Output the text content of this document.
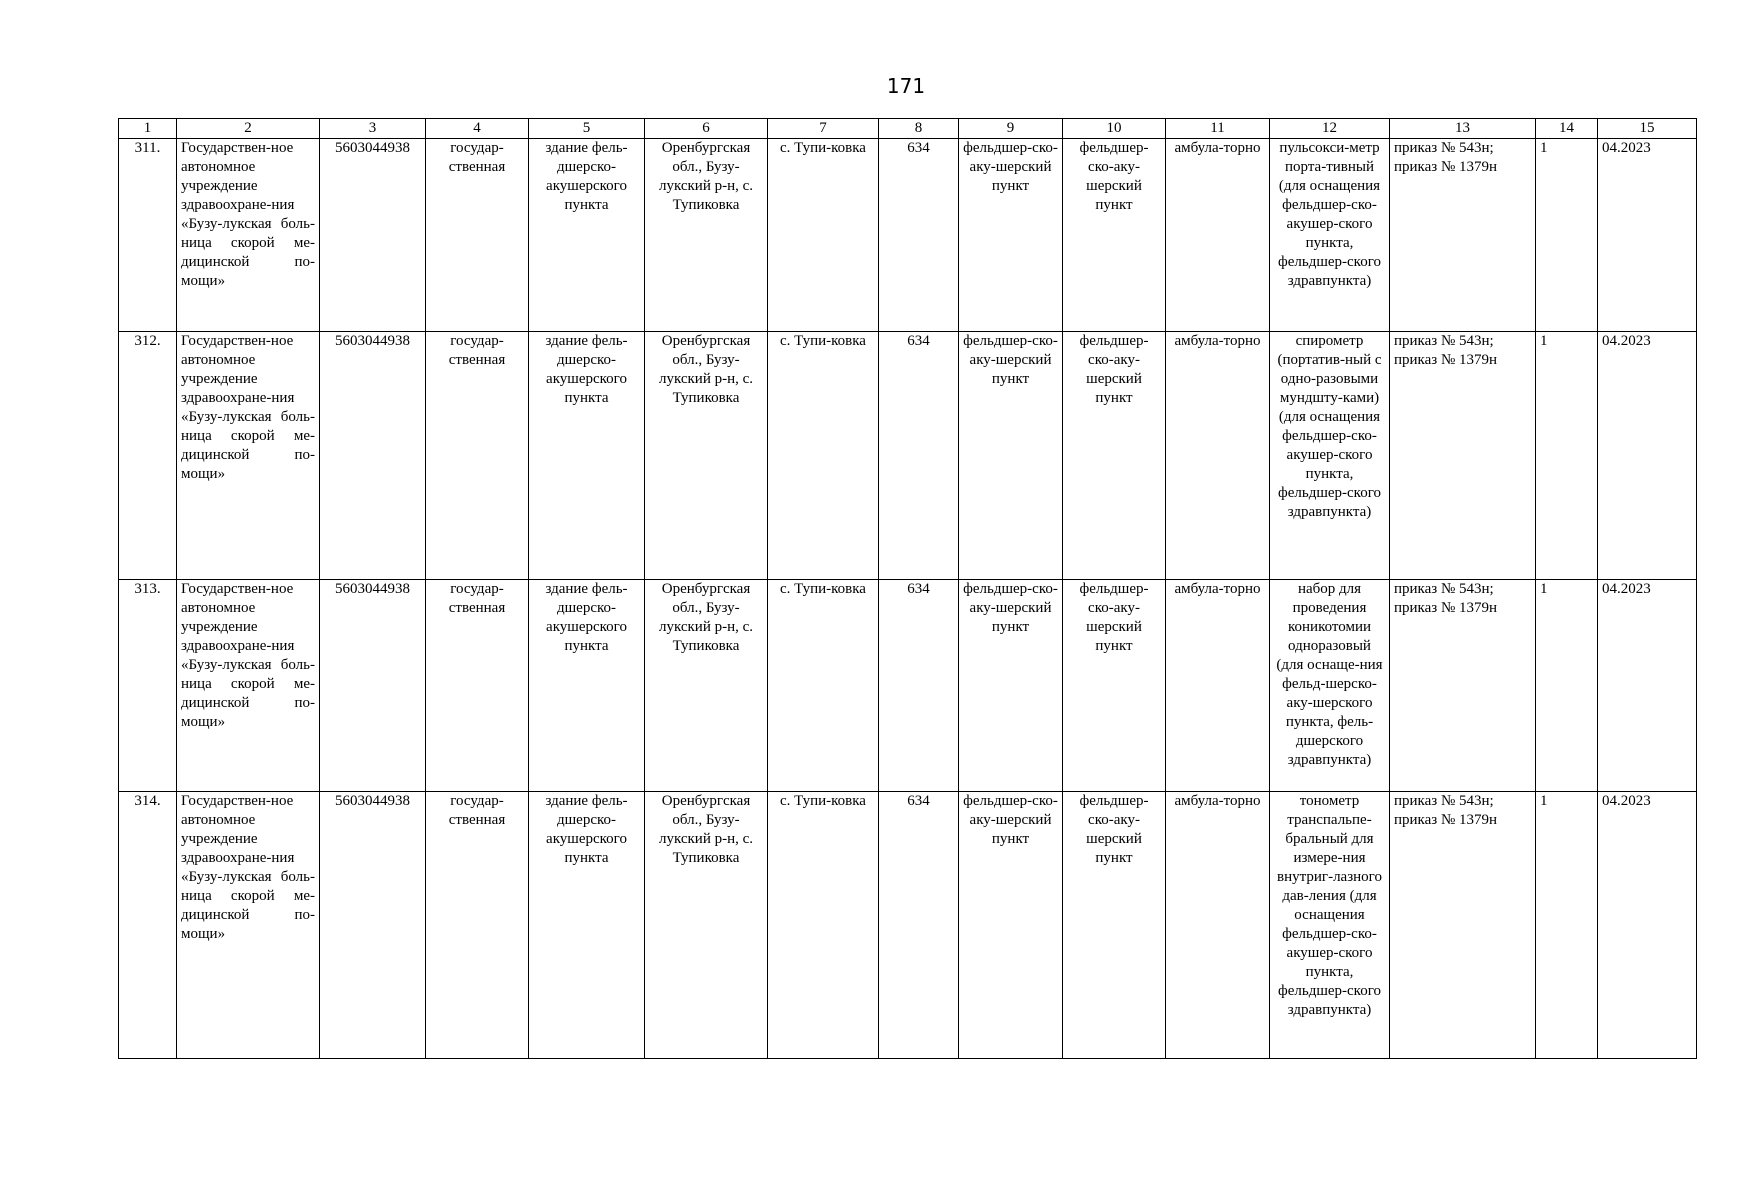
171
1	2	3	4	5	6	7	8	9	10	11	12	13	14	15
311.	Государствен-ное автономное учреждение здравоохране-ния «Бузу-лукская боль-ница скорой ме-дицинской по-мощи»	5603044938	государ-ственная	здание фель-дшерско-акушерского пункта	Оренбургская обл., Бузу-лукский р-н, с. Тупиковка	с. Тупи-ковка	634	фельдшер-ско-аку-шерский пункт	фельдшер-ско-аку-шерский пункт	амбула-торно	пульсокси-метр порта-тивный (для оснащения фельдшер-ско-акушер-ского пункта, фельдшер-ского здравпункта)	приказ № 543н; приказ № 1379н	1	04.2023
312.	Государствен-ное автономное учреждение здравоохране-ния «Бузу-лукская боль-ница скорой ме-дицинской по-мощи»	5603044938	государ-ственная	здание фель-дшерско-акушерского пункта	Оренбургская обл., Бузу-лукский р-н, с. Тупиковка	с. Тупи-ковка	634	фельдшер-ско-аку-шерский пункт	фельдшер-ско-аку-шерский пункт	амбула-торно	спирометр (портатив-ный с одно-разовыми мундшту-ками) (для оснащения фельдшер-ско-акушер-ского пункта, фельдшер-ского здравпункта)	приказ № 543н; приказ № 1379н	1	04.2023
313.	Государствен-ное автономное учреждение здравоохране-ния «Бузу-лукская боль-ница скорой ме-дицинской по-мощи»	5603044938	государ-ственная	здание фель-дшерско-акушерского пункта	Оренбургская обл., Бузу-лукский р-н, с. Тупиковка	с. Тупи-ковка	634	фельдшер-ско-аку-шерский пункт	фельдшер-ско-аку-шерский пункт	амбула-торно	набор для проведения коникотомии одноразовый (для оснаще-ния фельд-шерско-аку-шерского пункта, фель-дшерского здравпункта)	приказ № 543н; приказ № 1379н	1	04.2023
314.	Государствен-ное автономное учреждение здравоохране-ния «Бузу-лукская боль-ница скорой ме-дицинской по-мощи»	5603044938	государ-ственная	здание фель-дшерско-акушерского пункта	Оренбургская обл., Бузу-лукский р-н, с. Тупиковка	с. Тупи-ковка	634	фельдшер-ско-аку-шерский пункт	фельдшер-ско-аку-шерский пункт	амбула-торно	тонометр транспальпе-бральный для измере-ния внутриг-лазного дав-ления (для оснащения фельдшер-ско-акушер-ского пункта, фельдшер-ского здравпункта)	приказ № 543н; приказ № 1379н	1	04.2023
